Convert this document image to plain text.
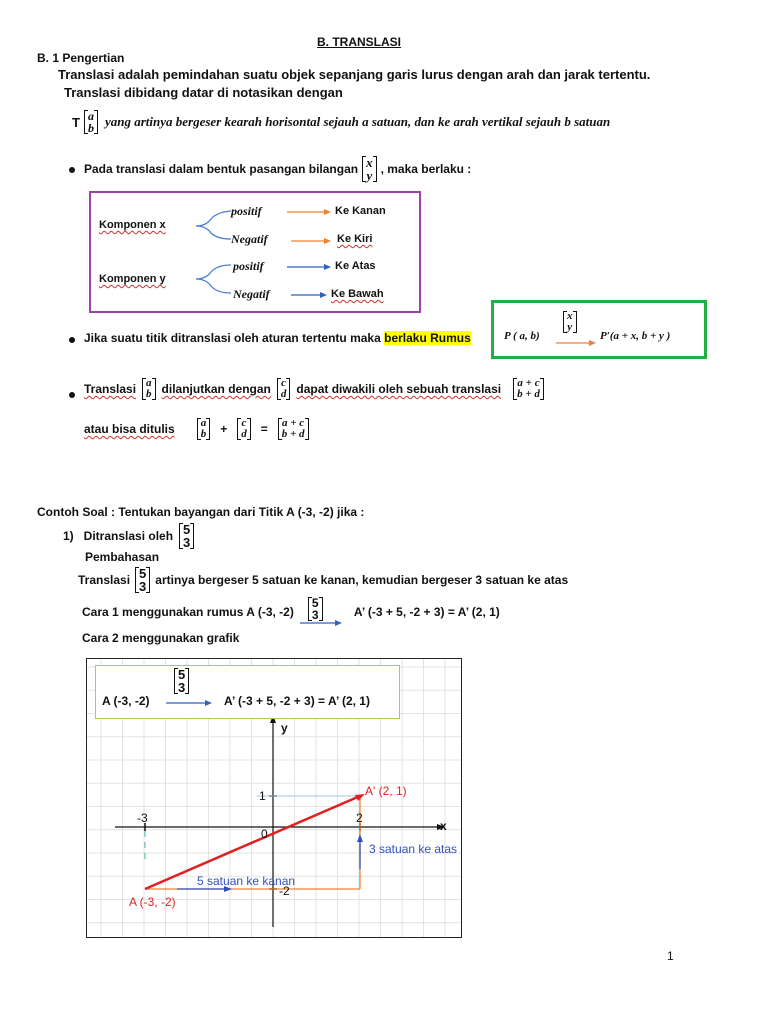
B. TRANSLASI
B. 1 Pengertian
Translasi adalah pemindahan suatu objek sepanjang garis lurus dengan arah dan jarak tertentu.
Translasi dibidang datar di notasikan dengan
T a
b yang artinya bergeser kearah horisontal sejauh a satuan, dan ke arah vertikal sejauh b satuan
Pada translasi dalam bentuk pasangan bilangan x
y , maka berlaku :
Komponen x
Komponen y
positif
Negatif
positif
Negatif
Ke Kanan
Ke Kiri
Ke Atas
Ke Bawah
P ( a, b)
x
y
P′(a + x, b + y )
Jika suatu titik ditranslasi oleh aturan tertentu maka berlaku Rumus
Translasi a
b dilanjutkan dengan c
d dapat diwakili oleh sebuah translasi a + c
b + d
atau bisa ditulis a
b + c
d = a + c
b + d
Contoh Soal : Tentukan bayangan dari Titik A (-3, -2) jika :
1) Ditranslasi oleh 5
3
Pembahasan
Translasi 5
3 artinya bergeser 5 satuan ke kanan, kemudian bergeser 3 satuan ke atas
Cara 1 menggunakan rumus A (-3, -2)
5
3	A’ (-3 + 5, -2 + 3) = A’ (2, 1)
Cara 2 menggunakan grafik
A (-3, -2)
5
3
A’ (-3 + 5, -2 + 3) = A’ (2, 1)
y
x
-3	2
1
-2
0
A' (2, 1)
A (-3, -2)
5 satuan ke kanan
3 satuan ke atas
1
